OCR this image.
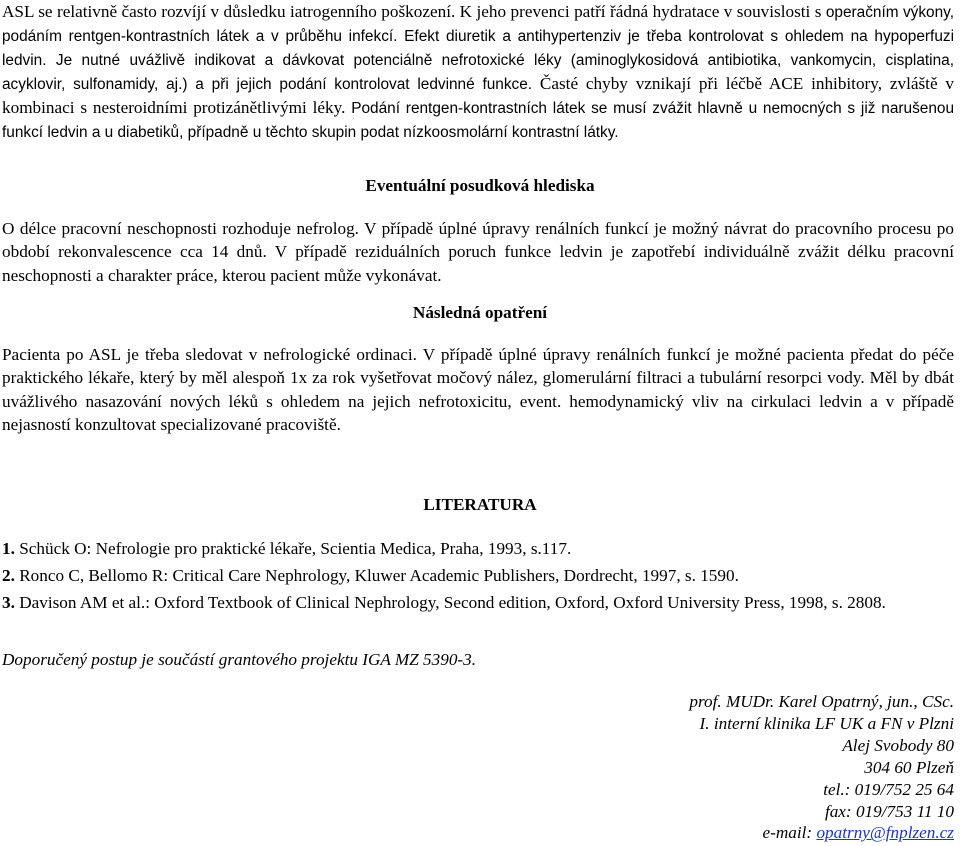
ASL se relativně často rozvíjí v důsledku iatrogenního poškození. K jeho prevenci patří řádná hydratace v souvislosti s operačním výkony, podáním rentgen-kontrastních látek a v průběhu infekcí. Efekt diuretik a antihypertenziv je třeba kontrolovat s ohledem na hypoperfuzi ledvin. Je nutné uvážlivě indikovat a dávkovat potenciálně nefrotoxické léky (aminoglykosidová antibiotika, vankomycin, cisplatina, acyklovir, sulfonamidy, aj.) a při jejich podání kontrolovat ledvinné funkce. Časté chyby vznikají při léčbě ACE inhibitory, zvláště v kombinaci s nesteroidními protizánětlivými léky. Podání rentgen-kontrastních látek se musí zvážit hlavně u nemocných s již narušenou funkcí ledvin a u diabetiků, případně u těchto skupin podat nízkoosmolární kontrastní látky.

Eventuální posudková hlediska

O délce pracovní neschopnosti rozhoduje nefrolog. V případě úplné úpravy renálních funkcí je možný návrat do pracovního procesu po období rekonvalescence cca 14 dnů. V případě reziduálních poruch funkce ledvin je zapotřebí individuálně zvážit délku pracovní neschopnosti a charakter práce, kterou pacient může vykonávat.

Následná opatření

Pacienta po ASL je třeba sledovat v nefrologické ordinaci. V případě úplné úpravy renálních funkcí je možné pacienta předat do péče praktického lékaře, který by měl alespoň 1x za rok vyšetřovat močový nález, glomerulární filtraci a tubulární resorpci vody. Měl by dbát uvážlivého nasazování nových léků s ohledem na jejich nefrotoxicitu, event. hemodynamický vliv na cirkulaci ledvin a v případě nejasností konzultovat specializované pracoviště.

LITERATURA

1. Schück O: Nefrologie pro praktické lékaře, Scientia Medica, Praha, 1993, s.117.

2. Ronco C, Bellomo R: Critical Care Nephrology, Kluwer Academic Publishers, Dordrecht, 1997, s. 1590.

3. Davison AM et al.: Oxford Textbook of Clinical Nephrology, Second edition, Oxford, Oxford University Press, 1998, s. 2808.

Doporučený postup je součástí grantového projektu IGA MZ 5390-3.

prof. MUDr. Karel Opatrný, jun., CSc.
I. interní klinika LF UK a FN v Plzni
Alej Svobody 80
304 60 Plzeň
tel.: 019/752 25 64
fax: 019/753 11 10
e-mail: opatrny@fnplzen.cz
